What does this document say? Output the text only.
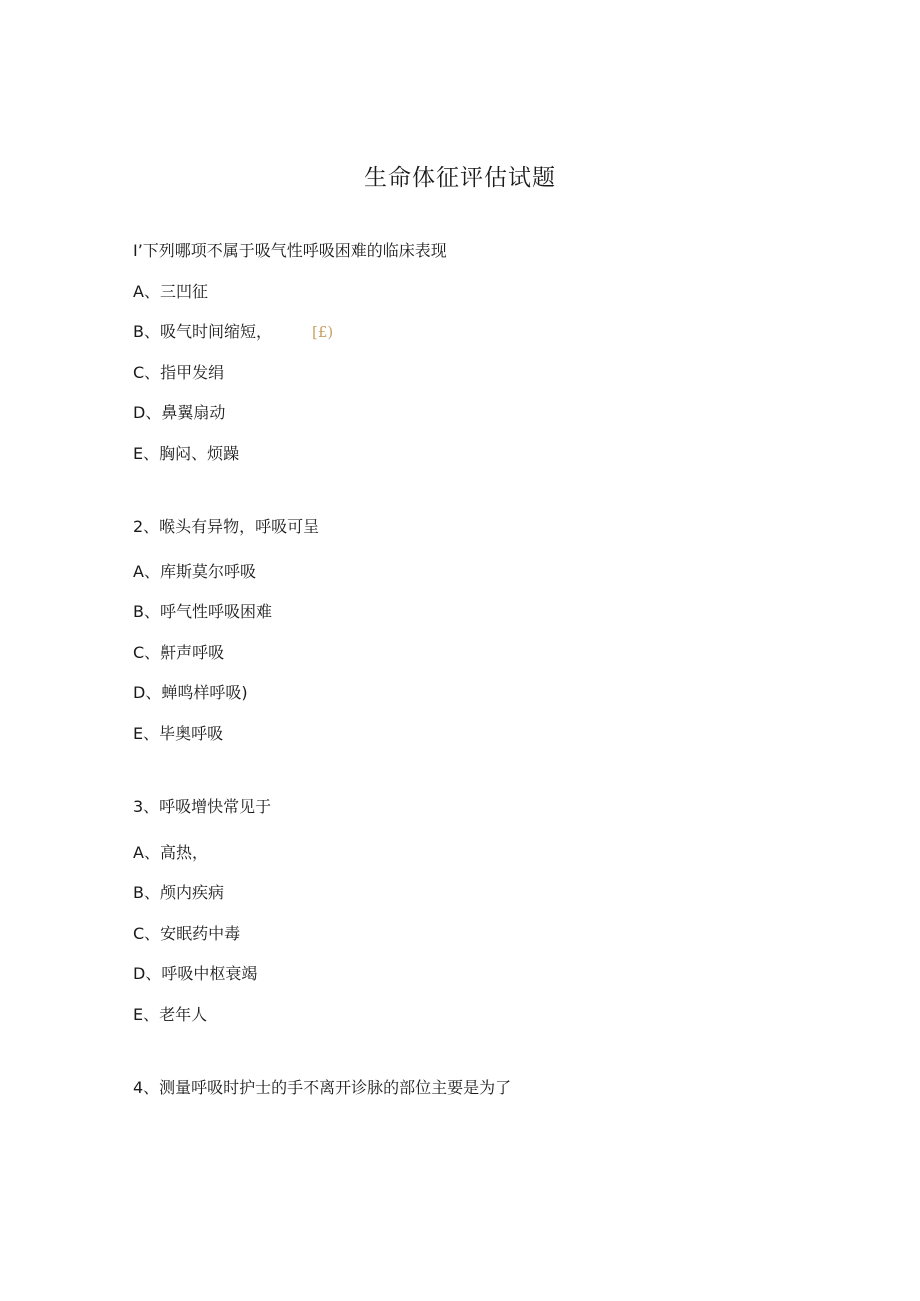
生命体征评估试题
I’下列哪项不属于吸气性呼吸困难的临床表现
A、三凹征
B、吸气时间缩短，	[£)
C、指甲发绢
D、鼻翼扇动
E、胸闷、烦躁
2、喉头有异物，呼吸可呈
A、库斯莫尔呼吸
B、呼气性呼吸困难
C、鼾声呼吸
D、蝉鸣样呼吸)
E、毕奥呼吸
3、呼吸增快常见于
A、高热，
B、颅内疾病
C、安眠药中毒
D、呼吸中枢衰竭
E、老年人
4、测量呼吸时护士的手不离开诊脉的部位主要是为了
